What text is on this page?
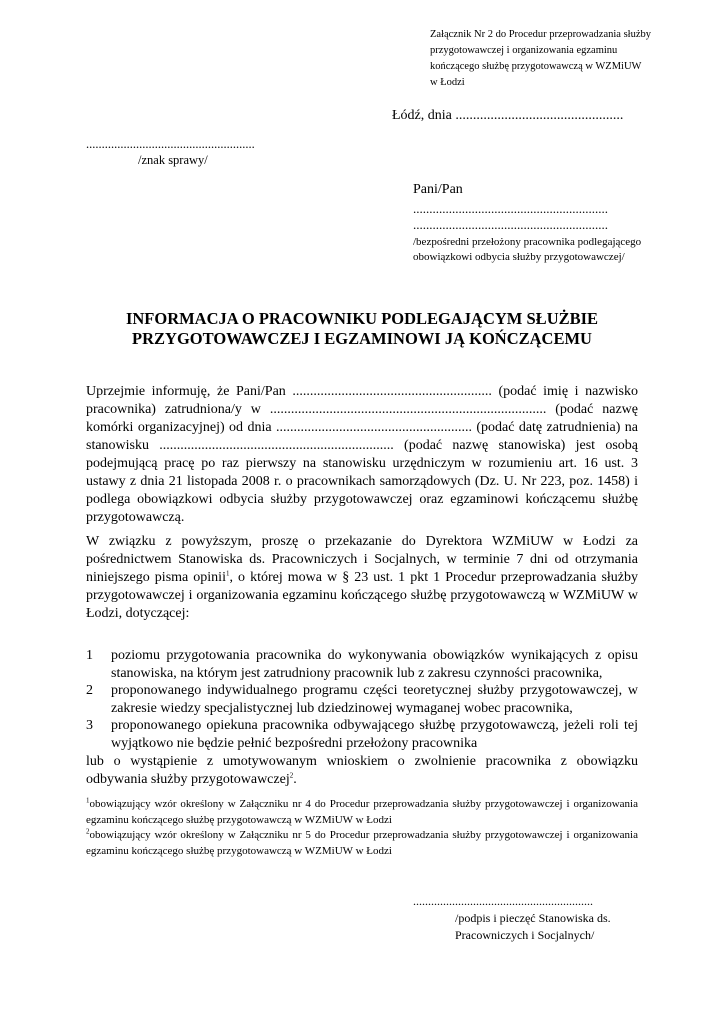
Załącznik Nr 2 do Procedur przeprowadzania służby
przygotowawczej i organizowania egzaminu
kończącego służbę przygotowawczą w WZMiUW
w Łodzi
Łódź, dnia ................................................
......................................................
/znak sprawy/
Pani/Pan
............................................................
............................................................
/bezpośredni przełożony pracownika podlegającego obowiązkowi odbycia służby przygotowawczej/
INFORMACJA O PRACOWNIKU PODLEGAJĄCYM SŁUŻBIE
PRZYGOTOWAWCZEJ I EGZAMINOWI JĄ KOŃCZĄCEMU
Uprzejmie informuję, że Pani/Pan ......................................................... (podać imię i nazwisko pracownika) zatrudniona/y w ............................................................................... (podać nazwę komórki organizacyjnej) od dnia ........................................................ (podać datę zatrudnienia) na stanowisku ................................................................... (podać nazwę stanowiska) jest osobą podejmującą pracę po raz pierwszy na stanowisku urzędniczym w rozumieniu art. 16 ust. 3 ustawy z dnia 21 listopada 2008 r. o pracownikach samorządowych (Dz. U. Nr 223, poz. 1458) i podlega obowiązkowi odbycia służby przygotowawczej oraz egzaminowi kończącemu służbę przygotowawczą.
W związku z powyższym, proszę o przekazanie do Dyrektora WZMiUW w Łodzi za pośrednictwem Stanowiska ds. Pracowniczych i Socjalnych, w terminie 7 dni od otrzymania niniejszego pisma opinii$^1$, o której mowa w § 23 ust. 1 pkt 1 Procedur przeprowadzania służby przygotowawczej i organizowania egzaminu kończącego służbę przygotowawczą w WZMiUW w Łodzi, dotyczącej:
1	poziomu przygotowania pracownika do wykonywania obowiązków wynikających z opisu stanowiska, na którym jest zatrudniony pracownik lub z zakresu czynności pracownika,
2	proponowanego indywidualnego programu części teoretycznej służby przygotowawczej, w zakresie wiedzy specjalistycznej lub dziedzinowej wymaganej wobec pracownika,
3	proponowanego opiekuna pracownika odbywającego służbę przygotowawczą, jeżeli roli tej wyjątkowo nie będzie pełnić bezpośredni przełożony pracownika
lub o wystąpienie z umotywowanym wnioskiem o zwolnienie pracownika z obowiązku odbywania służby przygotowawczej$^2$.
$^1$obowiązujący wzór określony w Załączniku nr 4 do Procedur przeprowadzania służby przygotowawczej i organizowania egzaminu kończącego służbę przygotowawczą w WZMiUW w Łodzi
$^2$obowiązujący wzór określony w Załączniku nr 5 do Procedur przeprowadzania służby przygotowawczej i organizowania egzaminu kończącego służbę przygotowawczą w WZMiUW w Łodzi
............................................................
/podpis i pieczęć Stanowiska ds.
Pracowniczych i Socjalnych/
